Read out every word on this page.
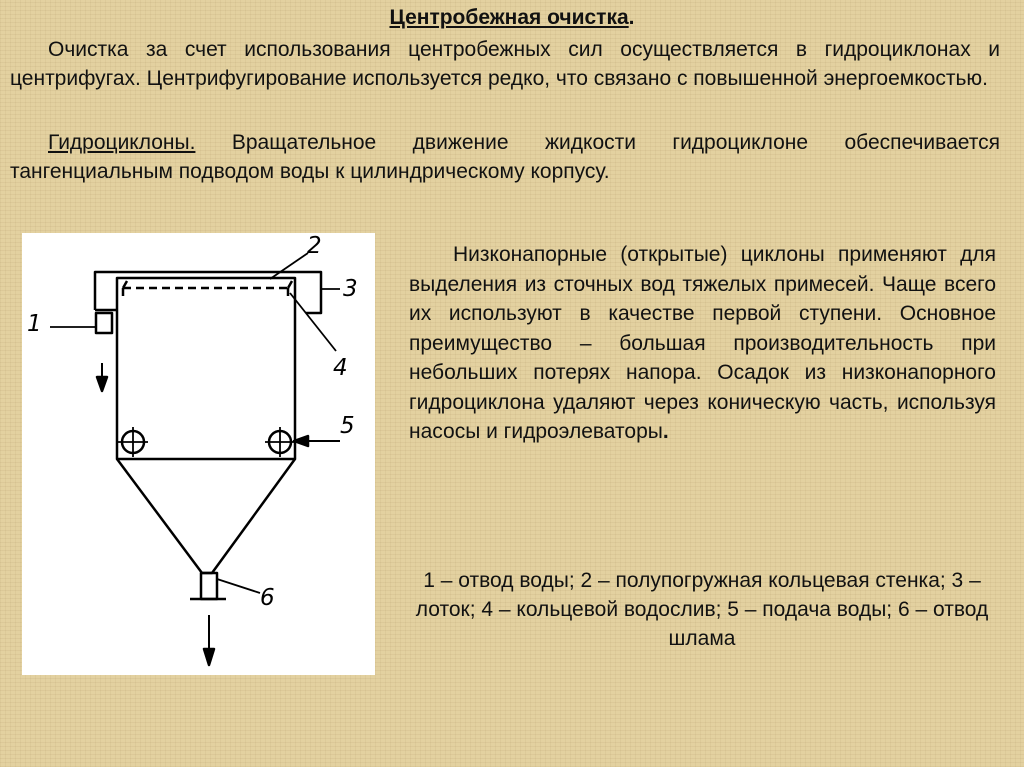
Центробежная очистка.
Очистка за счет использования центробежных сил осуществляется в гидроциклонах и центрифугах. Центрифугирование используется редко, что связано с повышенной энергоемкостью.
Гидроциклоны. Вращательное движение жидкости гидроциклоне обеспечивается тангенциальным подводом воды к цилиндрическому корпусу.
1
2
3
4
5
6
Низконапорные (открытые) циклоны применяют для выделения из сточных вод тяжелых примесей. Чаще всего их используют в качестве первой ступени. Основное преимущество – большая производительность при небольших потерях напора. Осадок из низконапорного гидроциклона удаляют через коническую часть, используя насосы и гидроэлеваторы.
1 – отвод воды; 2 – полупогружная кольцевая стенка; 3 – лоток; 4 – кольцевой водослив; 5 – подача воды; 6 – отвод шлама
